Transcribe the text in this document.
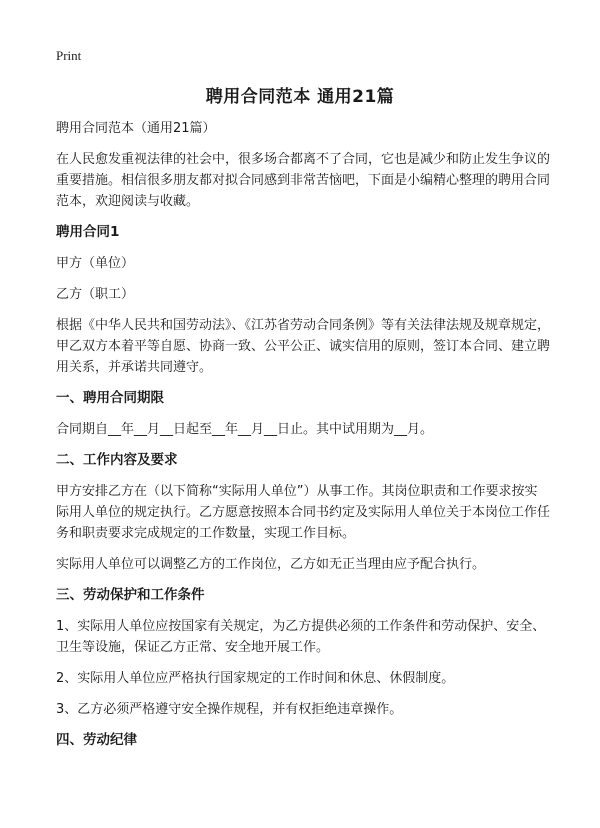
Print
聘用合同范本 通用21篇

聘用合同范本（通用21篇）

在人民愈发重视法律的社会中，很多场合都离不了合同，它也是减少和防止发生争议的重要措施。相信很多朋友都对拟合同感到非常苦恼吧，下面是小编精心整理的聘用合同范本，欢迎阅读与收藏。

聘用合同1

甲方（单位）

乙方（职工）

根据《中华人民共和国劳动法》、《江苏省劳动合同条例》等有关法律法规及规章规定，甲乙双方本着平等自愿、协商一致、公平公正、诚实信用的原则，签订本合同、建立聘用关系，并承诺共同遵守。

一、聘用合同期限

合同期自__年__月__日起至__年__月__日止。其中试用期为__月。

二、工作内容及要求

甲方安排乙方在（以下简称“实际用人单位”）从事工作。其岗位职责和工作要求按实际用人单位的规定执行。乙方愿意按照本合同书约定及实际用人单位关于本岗位工作任务和职责要求完成规定的工作数量，实现工作目标。

实际用人单位可以调整乙方的工作岗位，乙方如无正当理由应予配合执行。

三、劳动保护和工作条件

1、实际用人单位应按国家有关规定，为乙方提供必须的工作条件和劳动保护、安全、卫生等设施，保证乙方正常、安全地开展工作。

2、实际用人单位应严格执行国家规定的工作时间和休息、休假制度。

3、乙方必须严格遵守安全操作规程，并有权拒绝违章操作。

四、劳动纪律
